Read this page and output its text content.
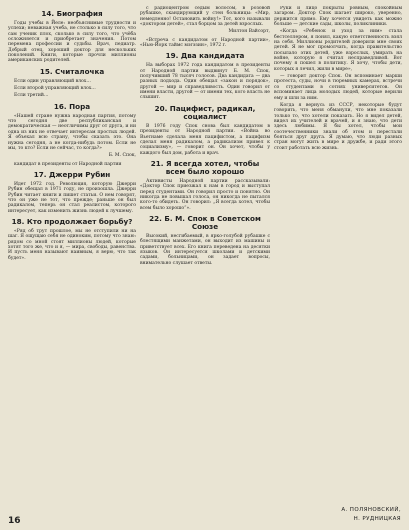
14. Биография

Годы учебы в Йеле: необъяснимые трудности и успехи; неважная учеба, не столько в силу того, что сам ученик плох, сколько в силу того, что учёба осложняется и приобретает значения. Потом перемена профессии и судьбы. Врач, педиатр. Добрый отец, хороший доктор для нескольких поколений. Книги, которые прочли миллионы американских родителей.

15. Считалочка

Если один управляющий влох…

Если второй управляющий влох…

Если третий…

16. Пора

«Нашей стране нужна народная партия, потому что сегодня две республиканская и демократическая — неотличимы друг от друга, и ни одна из них не отвечает интересам простых людей. Я объехал всю страну, чтобы сказать это. Она нужна сегодня, а не когда-нибудь потом. Если не мы, то кто? Если не сейчас, то когда?»

Б. М. Спок,

кандидат в президенты от Народной партии

17. Джерри Рубин

Идет 1972 год. Революция, которую Джерри Рубин обещал в 1971 году, не произошла. Джерри Рубин читает книги и пишет статьи. О нем говорят, что он уже не тот, что прежде; раньше он был радикалом, теперь он стал реалистом, которого интересует, как изменить жизнь людей к лучшему.

18. Кто продолжает борьбу?

«Ряд об трут прошлое, мы не отступили ни на шаг. Я ощущаю себя не одиноким, потому что знаю: рядом со мной стоят миллионы людей, которые хотят того же, что и я, — мира, свободы, равенства. И пусть меня называют наивным, я верю, что так будет».

с радиоцентром седым волосом, в розовой рубашке, скандирующий у стен больницы: «Мир, немедленно! Остановить войну!» Тот, кого называли «доктором детей», стал борцом за детей взрослых.

Милтон Вайсорт,

«Встреча с кандидатом от Народной партии», «Нью-Йорк таймс мэгэзин», 1972 г.

19. Два кандидата

На выборах 1972 года кандидатом в президенты от Народной партии выдвинут Б. М. Спок, получивший 78 тысяч голосов. Два кандидата — два разных подхода. Один обещал «закон и порядок», другой — мир и справедливость. Один говорил от имени власти, другой — от имени тех, кого власть не слышит.

20. Пацифист, радикал, социалист

В 1976 году Спок снова был кандидатом в президенты от Народной партии. «Война во Вьетнаме сделала меня пацифистом, а пацифизм сделал меня радикалом, а радикализм привел к социализму», — говорит он. Он хочет, чтобы у каждого был дом, работа и врач.

21. Я всегда хотел, чтобы всем было хорошо

Активисты Народной партии рассказывали: «Доктор Спок приезжал к нам в город и выступал перед студентами. Он говорил просто и понятно. Он никогда не повышал голоса, он никогда не пытался кого-то обидеть. Он говорил: „Я всегда хотел, чтобы всем было хорошо“».

22. Б. М. Спок в Советском Союзе

Высокий, несгибаемый, в ярко-голубой рубашке с блестящими манжетами, он выходит из машины и приветствует всех. Его книга переведена на десятки языков. Он интересуется школами и детскими садами, больницами, он задает вопросы, внимательно слушает ответы.

Руки и лицо покрыты ровным, спокойным загаром. Доктор Спок шагает широко, уверенно, держится прямо. Ему хочется увидеть как можно больше — детские сады, школы, поликлиники.

«Когда «Ребенок и уход за ним» стала бестселлером, я понял, какую ответственность взял на себя. Миллионы родителей доверили мне своих детей. Я не мог промолчать, когда правительство посылало этих детей, уже взрослых, умирать на войне, которую я считал несправедливой. Вот почему я пошел в политику. Я хочу, чтобы дети, которых я лечил, жили в мире»,

— говорит доктор Спок. Он вспоминает марши протеста, суды, ночи в тюремных камерах, встречи со студентами в сотнях университетов. Он вспоминает лица молодых людей, которые верили ему и шли за ним.

Когда я вернусь из СССР, некоторые будут говорить, что меня обманули, что мне показали только то, что хотели показать. Но я видел детей, видел их учителей и врачей, и я знаю, что дети здесь любимы. Я бы хотел, чтобы мои соотечественники знали об этом и перестали бояться друг друга. Я думаю, что люди разных стран могут жить в мире и дружбе, и ради этого стоит работать всю жизнь.

16
А. ПОЛЯНОВСКИЙ,
Н. РУДНИЦКАЯ
